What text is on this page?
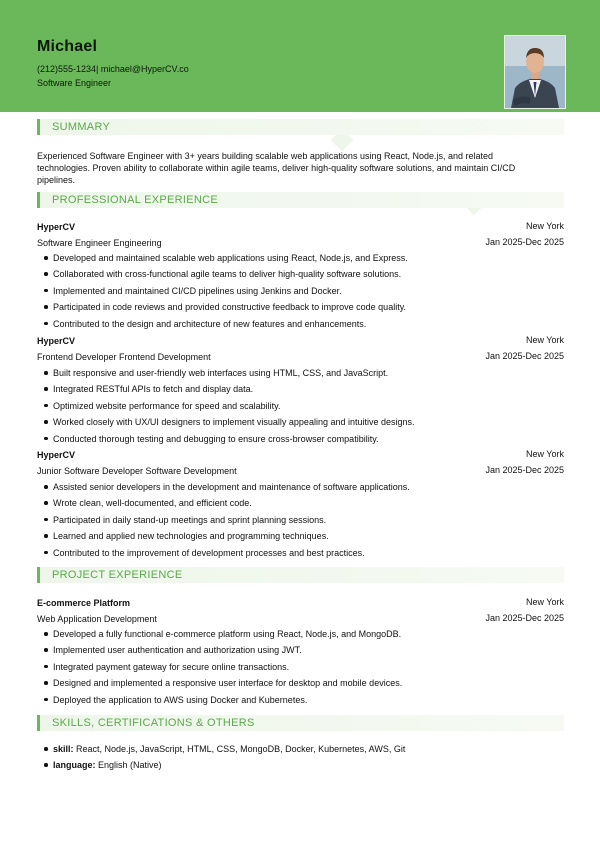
Michael
(212)555-1234| michael@HyperCV.co
Software Engineer
SUMMARY
Experienced Software Engineer with 3+ years building scalable web applications using React, Node.js, and related
technologies. Proven ability to collaborate within agile teams, deliver high-quality software solutions, and maintain CI/CD
pipelines.
PROFESSIONAL EXPERIENCE
HyperCV	New York
Software Engineer Engineering	Jan 2025-Dec 2025
Developed and maintained scalable web applications using React, Node.js, and Express.
Collaborated with cross-functional agile teams to deliver high-quality software solutions.
Implemented and maintained CI/CD pipelines using Jenkins and Docker.
Participated in code reviews and provided constructive feedback to improve code quality.
Contributed to the design and architecture of new features and enhancements.
HyperCV	New York
Frontend Developer Frontend Development	Jan 2025-Dec 2025
Built responsive and user-friendly web interfaces using HTML, CSS, and JavaScript.
Integrated RESTful APIs to fetch and display data.
Optimized website performance for speed and scalability.
Worked closely with UX/UI designers to implement visually appealing and intuitive designs.
Conducted thorough testing and debugging to ensure cross-browser compatibility.
HyperCV	New York
Junior Software Developer Software Development	Jan 2025-Dec 2025
Assisted senior developers in the development and maintenance of software applications.
Wrote clean, well-documented, and efficient code.
Participated in daily stand-up meetings and sprint planning sessions.
Learned and applied new technologies and programming techniques.
Contributed to the improvement of development processes and best practices.
PROJECT EXPERIENCE
E-commerce Platform	New York
Web Application Development	Jan 2025-Dec 2025
Developed a fully functional e-commerce platform using React, Node.js, and MongoDB.
Implemented user authentication and authorization using JWT.
Integrated payment gateway for secure online transactions.
Designed and implemented a responsive user interface for desktop and mobile devices.
Deployed the application to AWS using Docker and Kubernetes.
SKILLS, CERTIFICATIONS & OTHERS
skill: React, Node.js, JavaScript, HTML, CSS, MongoDB, Docker, Kubernetes, AWS, Git
language: English (Native)
